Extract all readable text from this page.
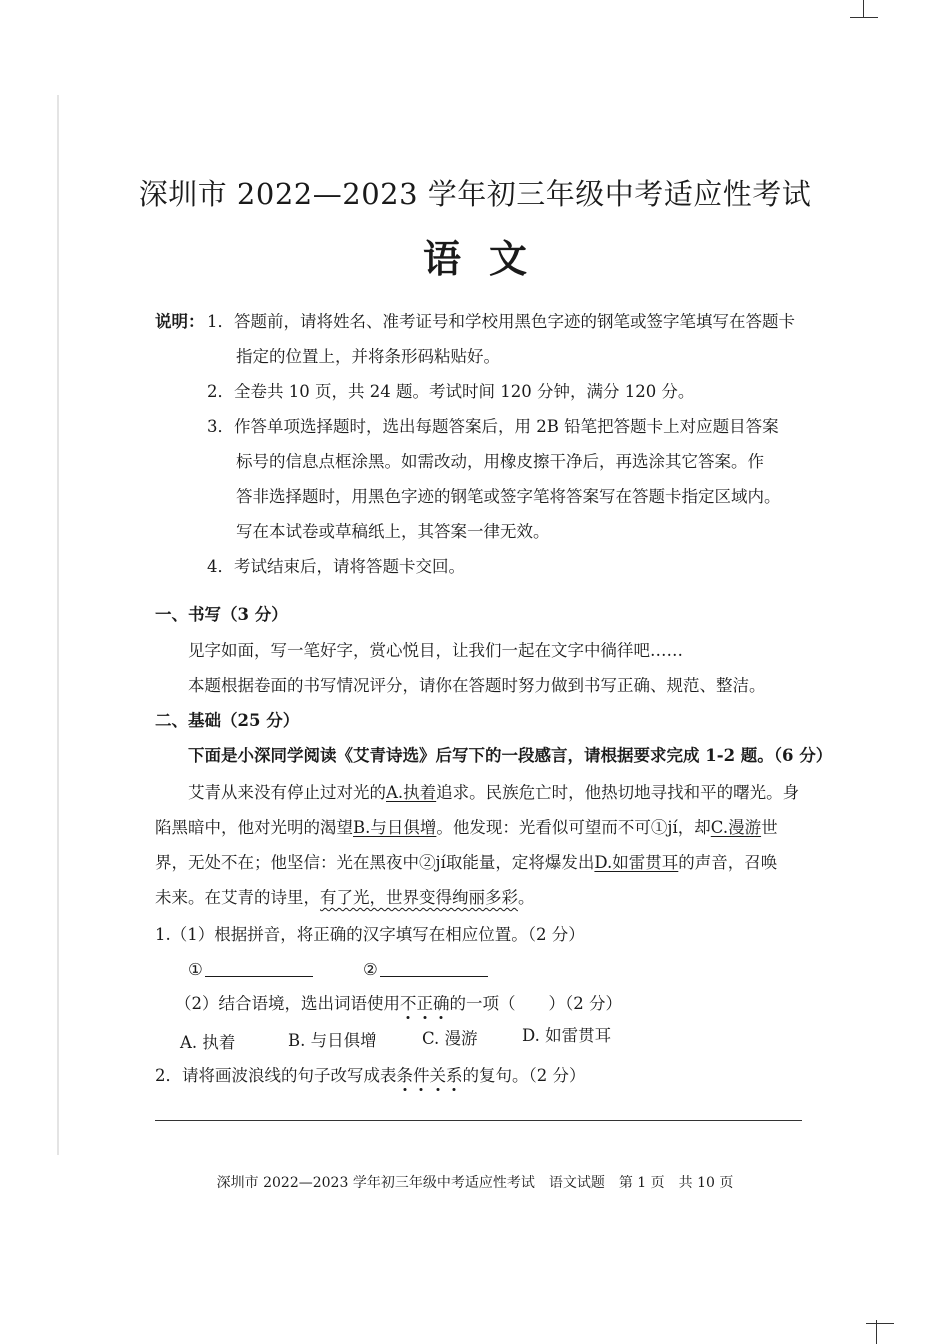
深圳市 2022—2023 学年初三年级中考适应性考试
语文
说明： 1．答题前，请将姓名、准考证号和学校用黑色字迹的钢笔或签字笔填写在答题卡
指定的位置上，并将条形码粘贴好。
2．全卷共 10 页，共 24 题。考试时间 120 分钟，满分 120 分。
3．作答单项选择题时，选出每题答案后，用 2B 铅笔把答题卡上对应题目答案
标号的信息点框涂黑。如需改动，用橡皮擦干净后，再选涂其它答案。作
答非选择题时，用黑色字迹的钢笔或签字笔将答案写在答题卡指定区域内。
写在本试卷或草稿纸上，其答案一律无效。
4．考试结束后，请将答题卡交回。
一、书写（3 分）
见字如面，写一笔好字，赏心悦目，让我们一起在文字中徜徉吧……
本题根据卷面的书写情况评分，请你在答题时努力做到书写正确、规范、整洁。
二、基础（25 分）
下面是小深同学阅读《艾青诗选》后写下的一段感言，请根据要求完成 1-2 题。（6 分）
艾青从来没有停止过对光的A.执着追求。民族危亡时，他热切地寻找和平的曙光。身
陷黑暗中，他对光明的渴望B.与日俱增。他发现：光看似可望而不可①jí，却C.漫游世
界，无处不在；他坚信：光在黑夜中②jí取能量，定将爆发出D.如雷贯耳的声音，召唤
未来。在艾青的诗里，有了光，世界变得绚丽多彩。
1.（1）根据拼音，将正确的汉字填写在相应位置。（2 分）
①	②
（2）结合语境，选出词语使用不正确的一项（　　）（2 分）
A. 执着	B. 与日俱增	C. 漫游	D. 如雷贯耳
2．请将画波浪线的句子改写成表条件关系的复句。（2 分）
深圳市 2022—2023 学年初三年级中考适应性考试　语文试题　第 1 页　共 10 页
